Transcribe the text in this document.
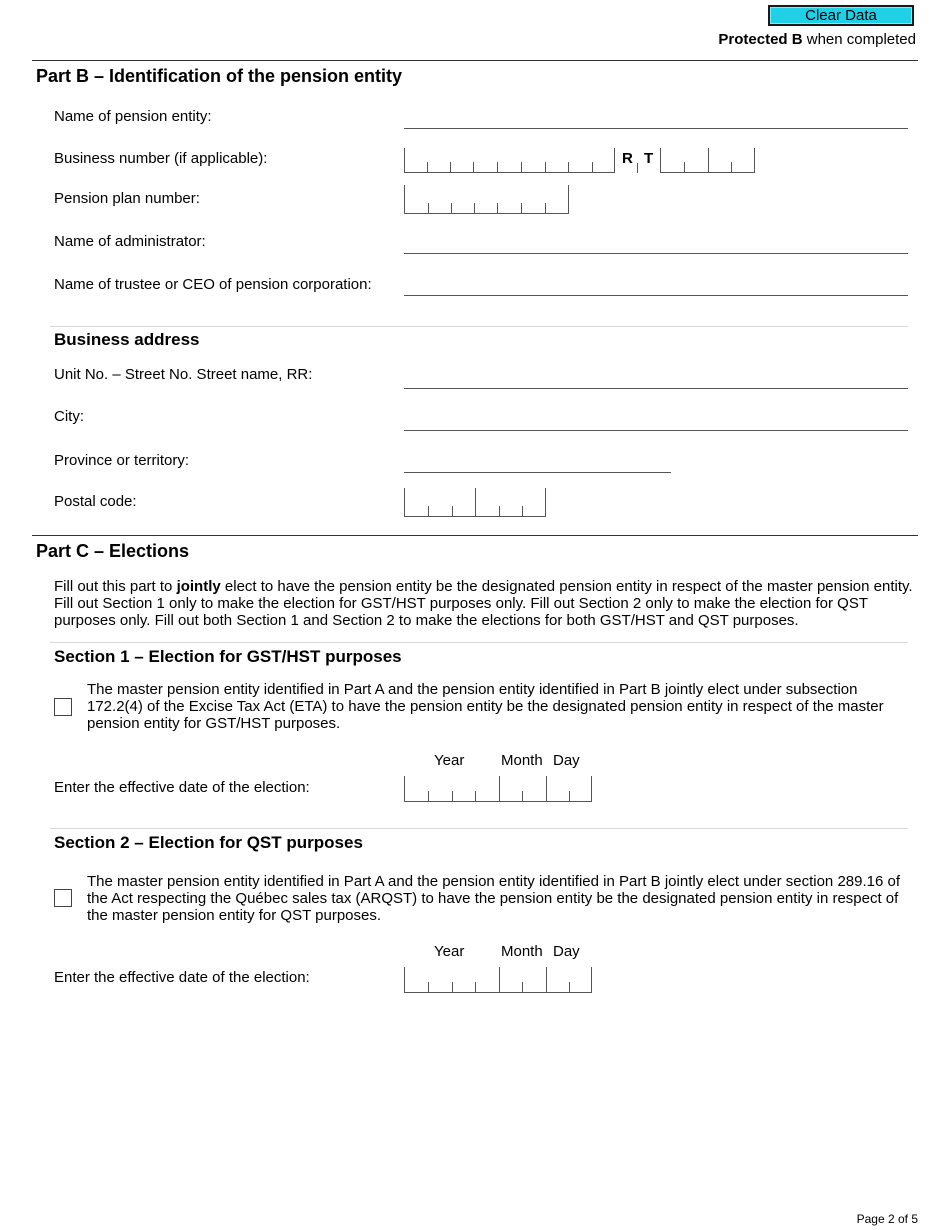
Clear Data
Protected B when completed
Part B – Identification of the pension entity
Name of pension entity:
Business number (if applicable):	R T
Pension plan number:
Name of administrator:
Name of trustee or CEO of pension corporation:
Business address
Unit No. – Street No. Street name, RR:
City:
Province or territory:
Postal code:
Part C – Elections
Fill out this part to jointly elect to have the pension entity be the designated pension entity in respect of the master pension entity. Fill out Section 1 only to make the election for GST/HST purposes only. Fill out Section 2 only to make the election for QST purposes only. Fill out both Section 1 and Section 2 to make the elections for both GST/HST and QST purposes.
Section 1 – Election for GST/HST purposes
The master pension entity identified in Part A and the pension entity identified in Part B jointly elect under subsection 172.2(4) of the Excise Tax Act (ETA) to have the pension entity be the designated pension entity in respect of the master pension entity for GST/HST purposes.
Year Month Day
Enter the effective date of the election:
Section 2 – Election for QST purposes
The master pension entity identified in Part A and the pension entity identified in Part B jointly elect under section 289.16 of the Act respecting the Québec sales tax (ARQST) to have the pension entity be the designated pension entity in respect of the master pension entity for QST purposes.
Year Month Day
Enter the effective date of the election:
Page 2 of 5
